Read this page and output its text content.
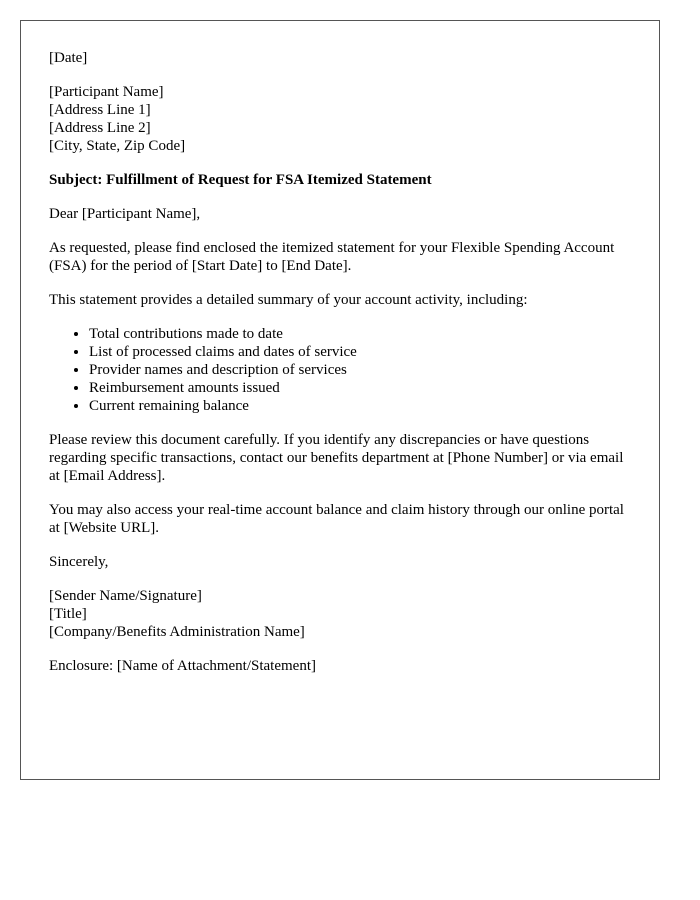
[Date]

[Participant Name]
[Address Line 1]
[Address Line 2]
[City, State, Zip Code]

Subject: Fulfillment of Request for FSA Itemized Statement

Dear [Participant Name],

As requested, please find enclosed the itemized statement for your Flexible Spending Account (FSA) for the period of [Start Date] to [End Date].

This statement provides a detailed summary of your account activity, including:

• Total contributions made to date
• List of processed claims and dates of service
• Provider names and description of services
• Reimbursement amounts issued
• Current remaining balance

Please review this document carefully. If you identify any discrepancies or have questions regarding specific transactions, contact our benefits department at [Phone Number] or via email at [Email Address].

You may also access your real-time account balance and claim history through our online portal at [Website URL].

Sincerely,

[Sender Name/Signature]
[Title]
[Company/Benefits Administration Name]

Enclosure: [Name of Attachment/Statement]
